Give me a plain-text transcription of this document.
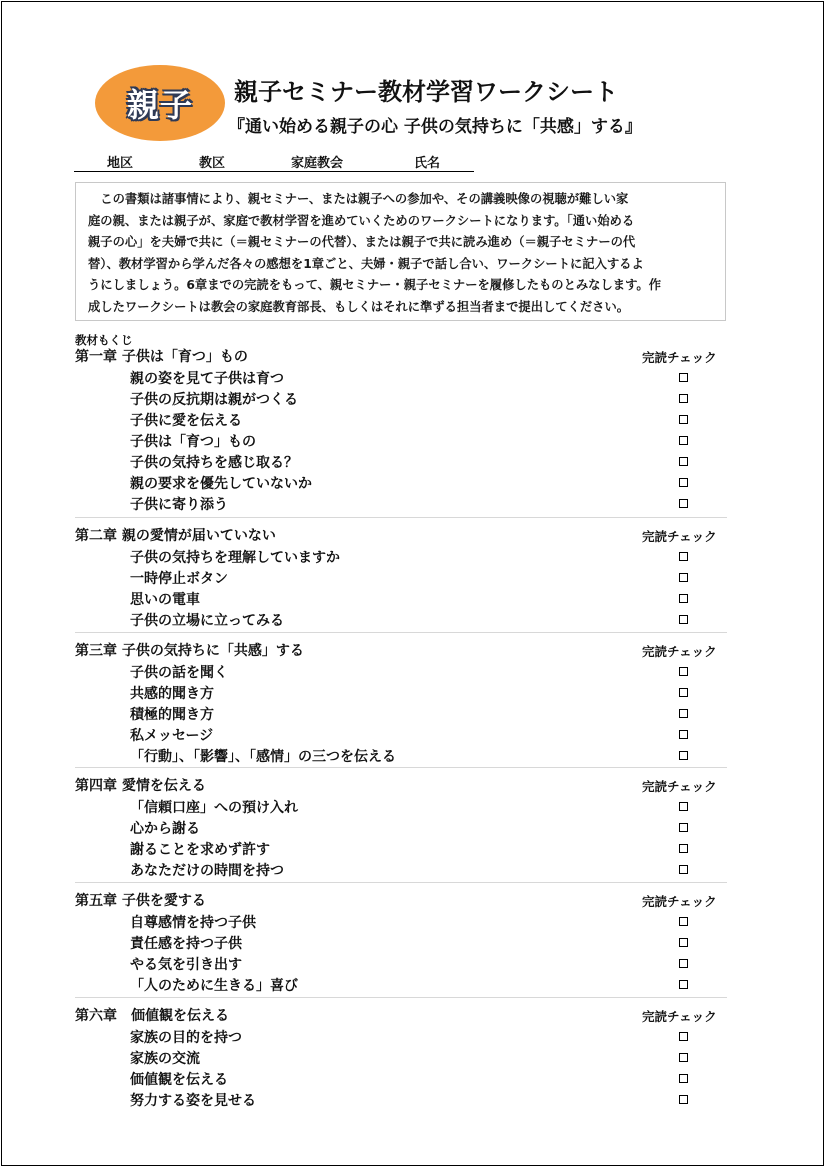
親子 親子セミナー教材学習ワークシート
『通い始める親子の心 子供の気持ちに「共感」する』
地区	教区	家庭教会	氏名
　この書類は諸事情により、親セミナー、または親子への参加や、その講義映像の視聴が難しい家
庭の親、または親子が、家庭で教材学習を進めていくためのワークシートになります。「通い始める
親子の心」を夫婦で共に（＝親セミナーの代替）、または親子で共に読み進め（＝親子セミナーの代
替）、教材学習から学んだ各々の感想を1章ごと、夫婦・親子で話し合い、ワークシートに記入するよ
うにしましょう。6章までの完読をもって、親セミナー・親子セミナーを履修したものとみなします。作
成したワークシートは教会の家庭教育部長、もしくはそれに準ずる担当者まで提出してください。
教材もくじ
第一章 子供は「育つ」もの	完読チェック
親の姿を見て子供は育つ
子供の反抗期は親がつくる
子供に愛を伝える
子供は「育つ」もの
子供の気持ちを感じ取る？
親の要求を優先していないか
子供に寄り添う
第二章 親の愛情が届いていない	完読チェック
子供の気持ちを理解していますか
一時停止ボタン
思いの電車
子供の立場に立ってみる
第三章 子供の気持ちに「共感」する	完読チェック
子供の話を聞く
共感的聞き方
積極的聞き方
私メッセージ
「行動」、「影響」、「感情」の三つを伝える
第四章 愛情を伝える	完読チェック
「信頼口座」への預け入れ
心から謝る
謝ることを求めず許す
あなただけの時間を持つ
第五章 子供を愛する	完読チェック
自尊感情を持つ子供
責任感を持つ子供
やる気を引き出す
「人のために生きる」喜び
第六章　価値観を伝える	完読チェック
家族の目的を持つ
家族の交流
価値観を伝える
努力する姿を見せる
